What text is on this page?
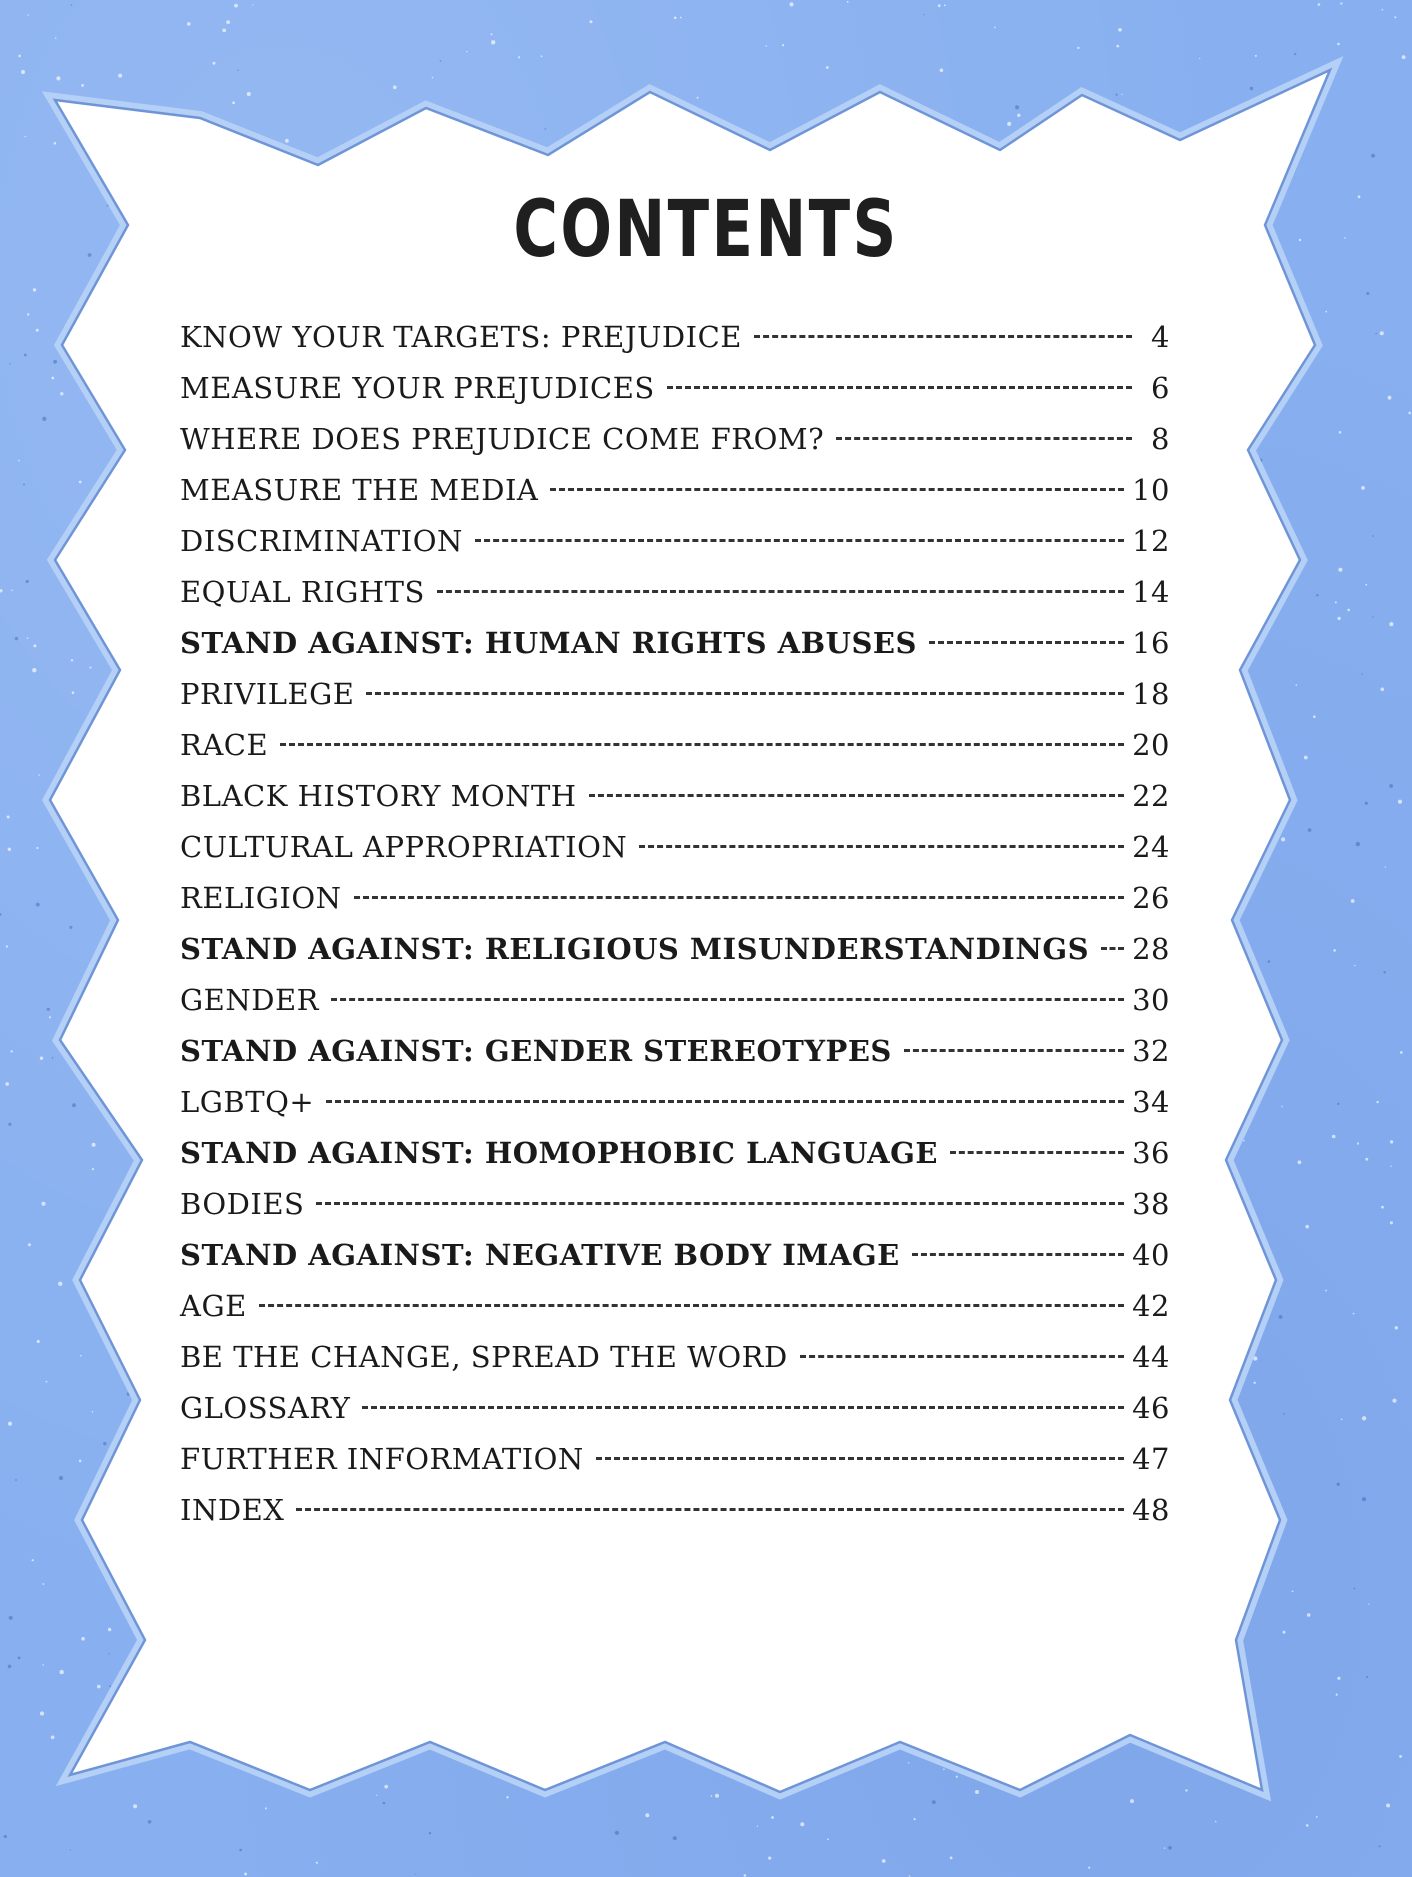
CONTENTS
KNOW YOUR TARGETS: PREJUDICE	4
MEASURE YOUR PREJUDICES	6
WHERE DOES PREJUDICE COME FROM?	8
MEASURE THE MEDIA	10
DISCRIMINATION	12
EQUAL RIGHTS	14
STAND AGAINST: HUMAN RIGHTS ABUSES	16
PRIVILEGE	18
RACE	20
BLACK HISTORY MONTH	22
CULTURAL APPROPRIATION	24
RELIGION	26
STAND AGAINST: RELIGIOUS MISUNDERSTANDINGS 28
GENDER	30
STAND AGAINST: GENDER STEREOTYPES	32
LGBTQ+	34
STAND AGAINST: HOMOPHOBIC LANGUAGE	36
BODIES	38
STAND AGAINST: NEGATIVE BODY IMAGE	40
AGE	42
BE THE CHANGE, SPREAD THE WORD	44
GLOSSARY	46
FURTHER INFORMATION	47
INDEX	48
